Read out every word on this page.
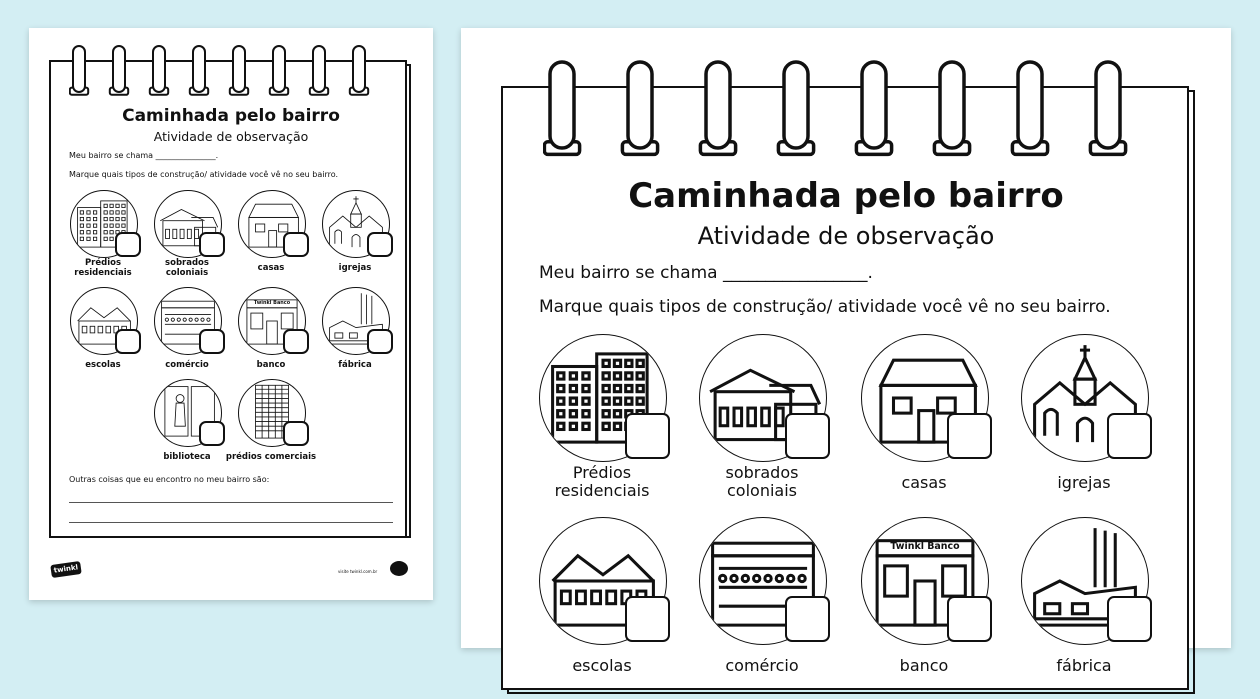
Caminhada pelo bairro
Atividade de observação
Meu bairro se chama _______________.
Marque quais tipos de construção/ atividade você vê no seu bairro.
Prédios
residenciais
sobrados
coloniais	casas	igrejas
escolas	comércio
Twinkl Banco
banco	fábrica
biblioteca	prédios comerciais
Outras coisas que eu encontro no meu bairro são:
twinkl	visite twinkl.com.br
Caminhada pelo bairro
Atividade de observação
Meu bairro se chama _________________.
Marque quais tipos de construção/ atividade você vê no seu bairro.
Prédios
residenciais
sobrados
coloniais	casas	igrejas
escolas	comércio
Twinkl Banco
banco	fábrica
